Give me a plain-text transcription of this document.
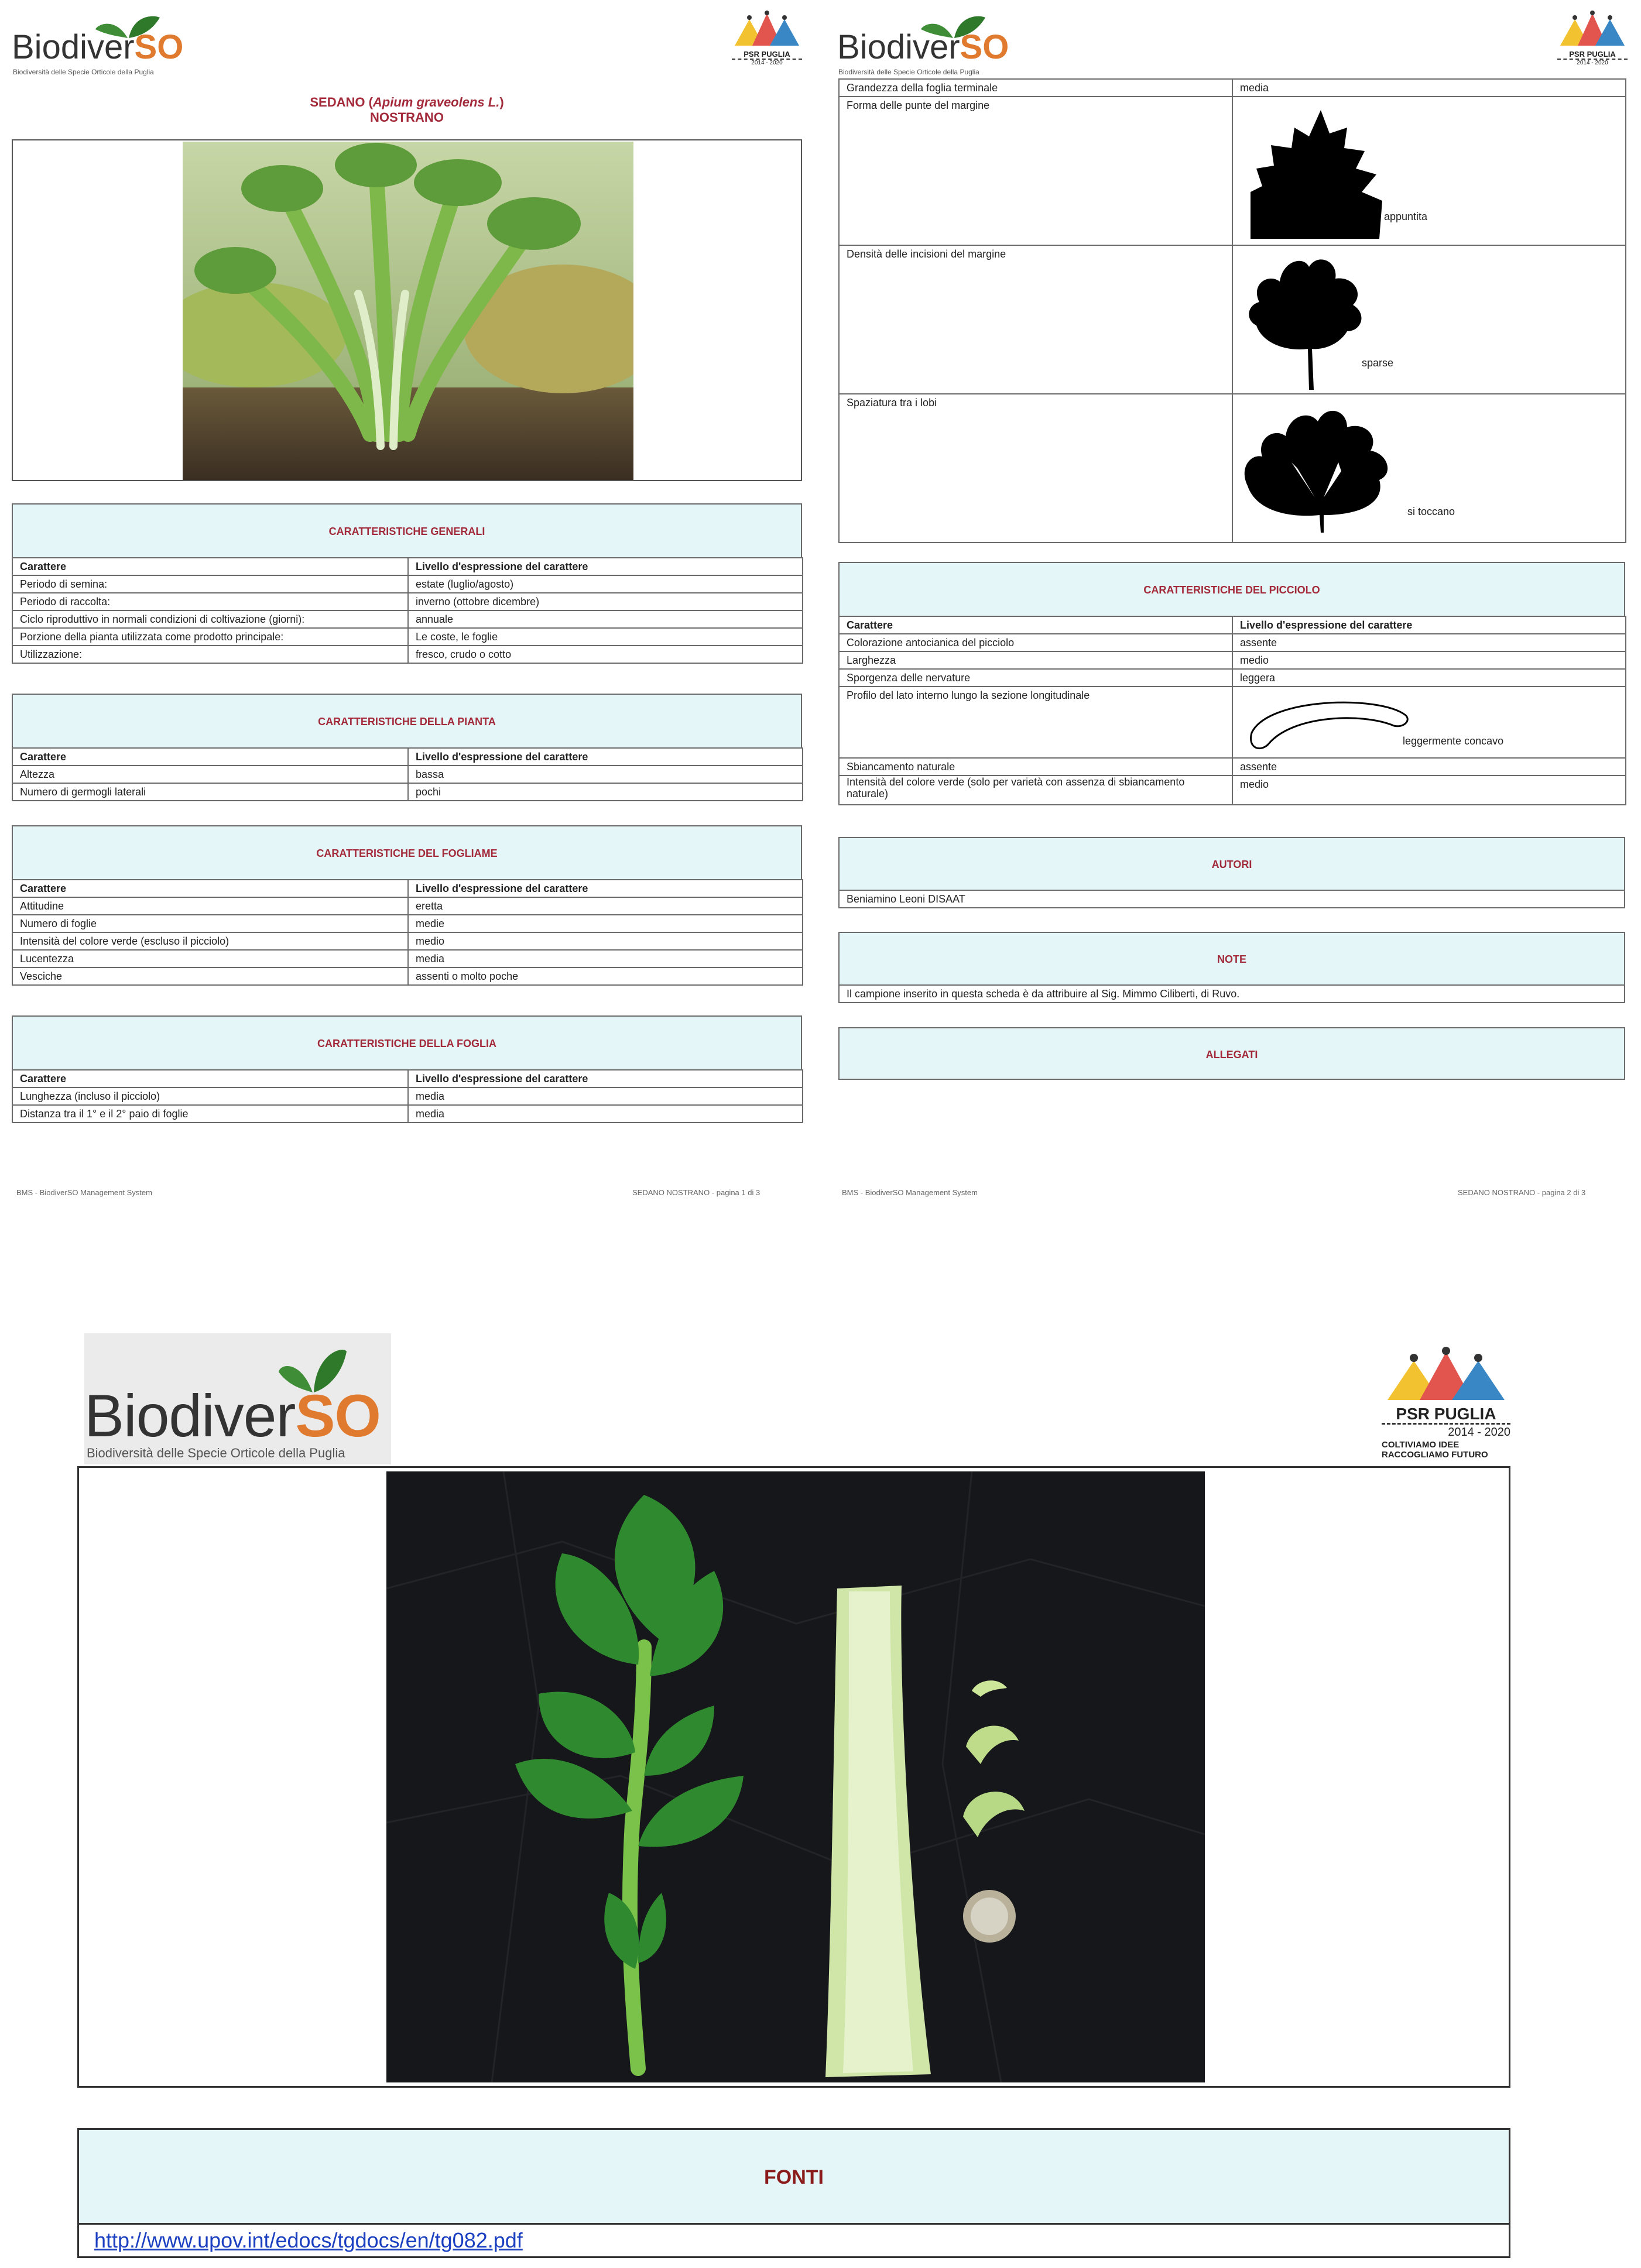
BiodiverSO
Biodiversità delle Specie Orticole della Puglia
PSR PUGLIA
2014 - 2020
SEDANO (Apium graveolens L.)
NOSTRANO
CARATTERISTICHE GENERALI
Carattere	Livello d'espressione del carattere
Periodo di semina:	estate (luglio/agosto)
Periodo di raccolta:	inverno (ottobre dicembre)
Ciclo riproduttivo in normali condizioni di coltivazione (giorni):	annuale
Porzione della pianta utilizzata come prodotto principale:	Le coste, le foglie
Utilizzazione:	fresco, crudo o cotto
CARATTERISTICHE DELLA PIANTA
Carattere	Livello d'espressione del carattere
Altezza	bassa
Numero di germogli laterali	pochi
CARATTERISTICHE DEL FOGLIAME
Carattere	Livello d'espressione del carattere
Attitudine	eretta
Numero di foglie	medie
Intensità del colore verde (escluso il picciolo)	medio
Lucentezza	media
Vesciche	assenti o molto poche
CARATTERISTICHE DELLA FOGLIA
Carattere	Livello d'espressione del carattere
Lunghezza (incluso il picciolo)	media
Distanza tra il 1° e il 2° paio di foglie	media
BMS - BiodiverSO Management System	SEDANO NOSTRANO - pagina 1 di 3
BiodiverSO
Biodiversità delle Specie Orticole della Puglia
PSR PUGLIA
2014 - 2020
Grandezza della foglia terminale	media
Forma delle punte del margine	appuntita

Densità delle incisioni del margine	sparse

Spaziatura tra i lobi	si toccano
CARATTERISTICHE DEL PICCIOLO
Carattere	Livello d'espressione del carattere
Colorazione antocianica del picciolo	assente
Larghezza	medio
Sporgenza delle nervature	leggera
Profilo del lato interno lungo la sezione longitudinale	leggermente concavo

Sbiancamento naturale	assente
Intensità del colore verde (solo per varietà con assenza di sbiancamento naturale)	medio
AUTORI
Beniamino Leoni DISAAT
NOTE
Il campione inserito in questa scheda è da attribuire al Sig. Mimmo Ciliberti, di Ruvo.
ALLEGATI
BMS - BiodiverSO Management System	SEDANO NOSTRANO - pagina 2 di 3
BiodiverSO
Biodiversità delle Specie Orticole della Puglia
PSR PUGLIA
2014 - 2020
COLTIVIAMO IDEE
RACCOGLIAMO FUTURO
FONTI
http://www.upov.int/edocs/tgdocs/en/tg082.pdf
